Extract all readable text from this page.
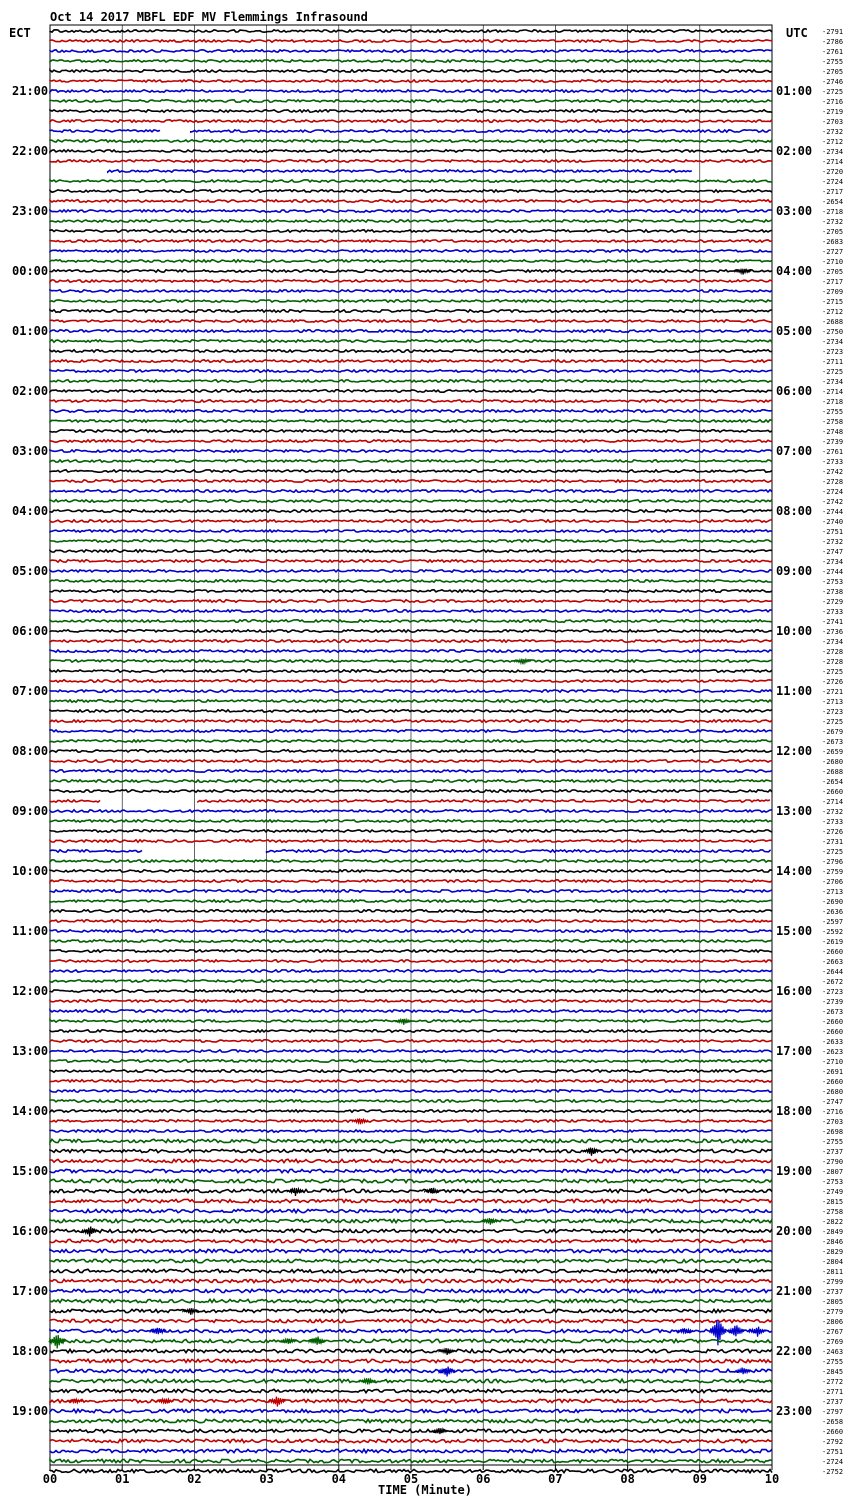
Oct 14 2017 MBFL EDF MV Flemmings Infrasound
ECT	UTC
21:00
22:00
23:00
00:00
01:00
02:00
03:00
04:00
05:00
06:00
07:00
08:00
09:00
10:00
11:00
12:00
13:00
14:00
15:00
16:00
17:00
18:00
19:00
01:00
02:00
03:00
04:00
05:00
06:00
07:00
08:00
09:00
10:00
11:00
12:00
13:00
14:00
15:00
16:00
17:00
18:00
19:00
20:00
21:00
22:00
23:00
-2791
-2786
-2761
-2755
-2705
-2746
-2725
-2716
-2719
-2703
-2732
-2712
-2734
-2714
-2720
-2724
-2717
-2654
-2718
-2732
-2705
-2683
-2727
-2710
-2705
-2717
-2709
-2715
-2712
-2688
-2750
-2734
-2723
-2711
-2725
-2734
-2714
-2718
-2755
-2758
-2748
-2739
-2761
-2733
-2742
-2728
-2724
-2742
-2744
-2740
-2751
-2732
-2747
-2734
-2744
-2753
-2738
-2729
-2733
-2741
-2736
-2734
-2728
-2728
-2725
-2726
-2721
-2713
-2723
-2725
-2679
-2673
-2659
-2680
-2688
-2654
-2660
-2714
-2732
-2733
-2726
-2731
-2725
-2796
-2759
-2706
-2713
-2690
-2636
-2597
-2592
-2619
-2660
-2663
-2644
-2672
-2723
-2739
-2673
-2660
-2660
-2633
-2623
-2710
-2691
-2660
-2680
-2747
-2716
-2703
-2698
-2755
-2737
-2790
-2807
-2753
-2749
-2815
-2758
-2822
-2849
-2846
-2829
-2804
-2811
-2799
-2737
-2805
-2779
-2806
-2767
-2769
-2463
-2755
-2845
-2772
-2771
-2737
-2797
-2658
-2660
-2792
-2751
-2724
-2752
00	01	02	03	04	05	06	07	08	09	10
TIME (Minute)
